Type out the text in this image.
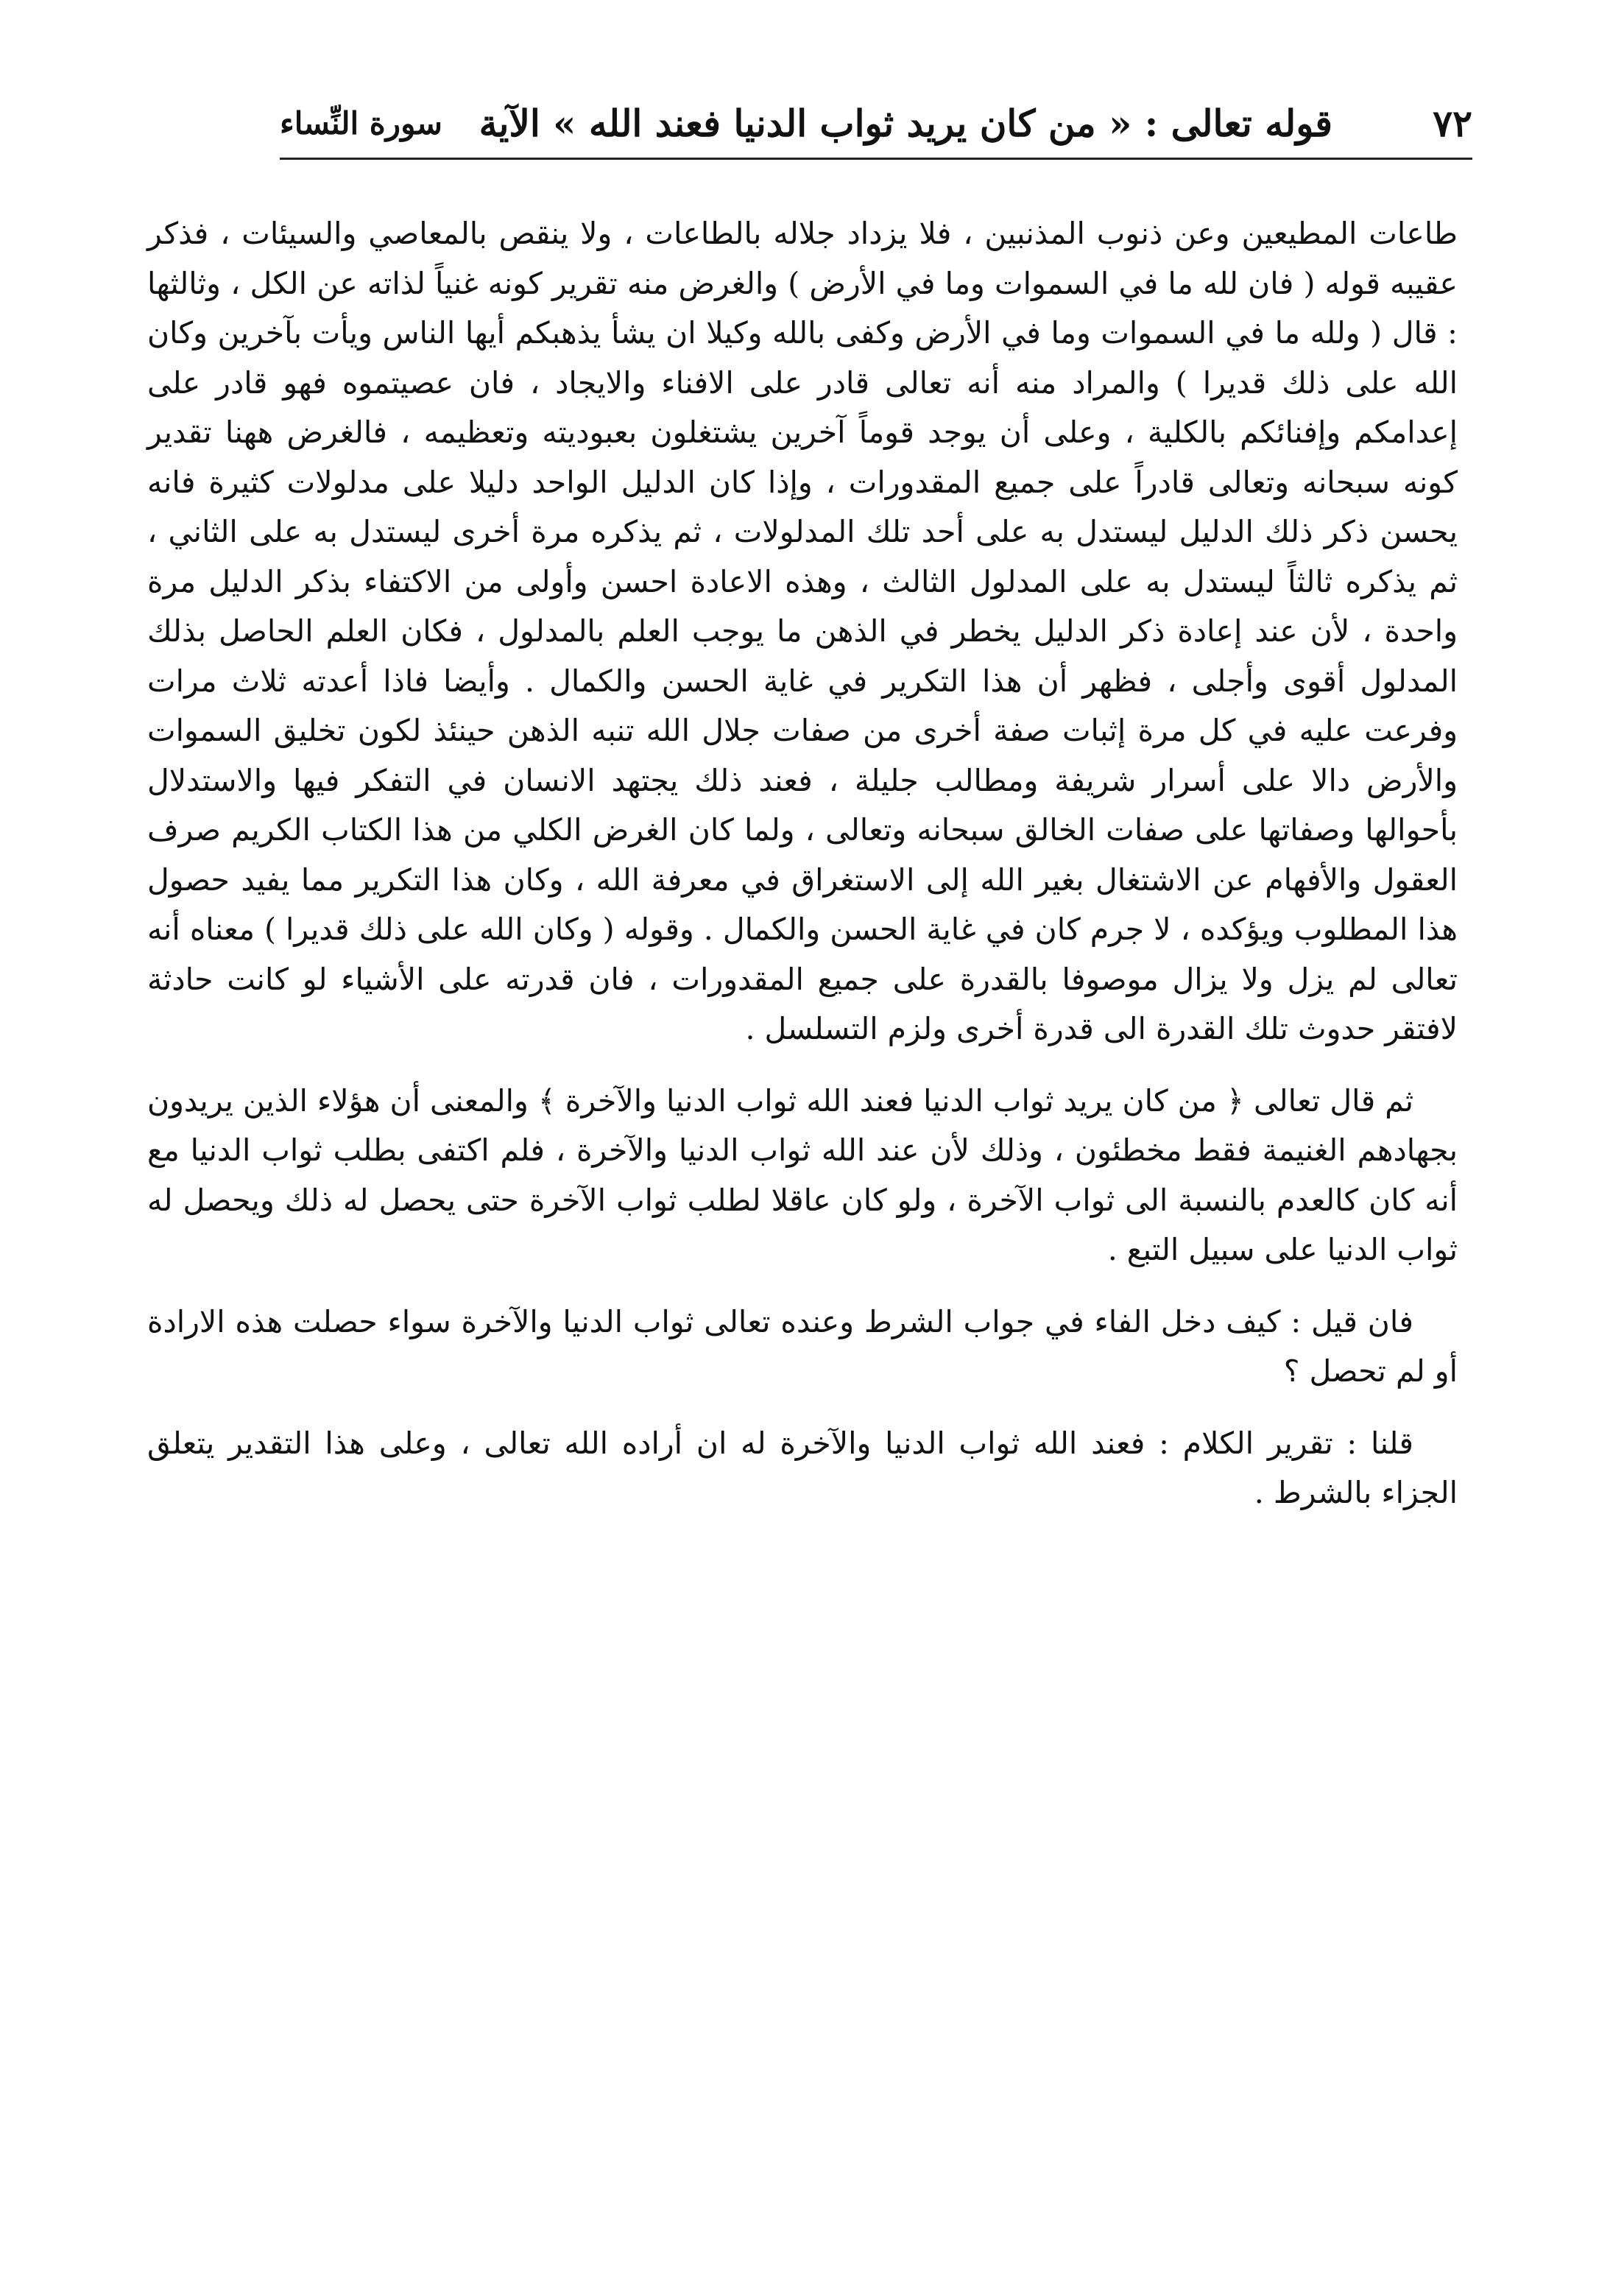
٧٢
قوله تعالى : « من كان يريد ثواب الدنيا فعند الله » الآية
سورة النِّساء

طاعات المطيعين وعن ذنوب المذنبين ، فلا يزداد جلاله بالطاعات ، ولا ينقص بالمعاصي والسيئات ، فذكر عقيبه قوله ( فان لله ما في السموات وما في الأرض ) والغرض منه تقرير كونه غنياً لذاته عن الكل ، وثالثها : قال ( ولله ما في السموات وما في الأرض وكفى بالله وكيلا ان يشأ يذهبكم أيها الناس ويأت بآخرين وكان الله على ذلك قديرا ) والمراد منه أنه تعالى قادر على الافناء والايجاد ، فان عصيتموه فهو قادر على إعدامكم وإفنائكم بالكلية ، وعلى أن يوجد قوماً آخرين يشتغلون بعبوديته وتعظيمه ، فالغرض ههنا تقدير كونه سبحانه وتعالى قادراً على جميع المقدورات ، وإذا كان الدليل الواحد دليلا على مدلولات كثيرة فانه يحسن ذكر ذلك الدليل ليستدل به على أحد تلك المدلولات ، ثم يذكره مرة أخرى ليستدل به على الثاني ، ثم يذكره ثالثاً ليستدل به على المدلول الثالث ، وهذه الاعادة احسن وأولى من الاكتفاء بذكر الدليل مرة واحدة ، لأن عند إعادة ذكر الدليل يخطر في الذهن ما يوجب العلم بالمدلول ، فكان العلم الحاصل بذلك المدلول أقوى وأجلى ، فظهر أن هذا التكرير في غاية الحسن والكمال . وأيضا فاذا أعدته ثلاث مرات وفرعت عليه في كل مرة إثبات صفة أخرى من صفات جلال الله تنبه الذهن حينئذ لكون تخليق السموات والأرض دالا على أسرار شريفة ومطالب جليلة ، فعند ذلك يجتهد الانسان في التفكر فيها والاستدلال بأحوالها وصفاتها على صفات الخالق سبحانه وتعالى ، ولما كان الغرض الكلي من هذا الكتاب الكريم صرف العقول والأفهام عن الاشتغال بغير الله إلى الاستغراق في معرفة الله ، وكان هذا التكرير مما يفيد حصول هذا المطلوب ويؤكده ، لا جرم كان في غاية الحسن والكمال . وقوله ( وكان الله على ذلك قديرا ) معناه أنه تعالى لم يزل ولا يزال موصوفا بالقدرة على جميع المقدورات ، فان قدرته على الأشياء لو كانت حادثة لافتقر حدوث تلك القدرة الى قدرة أخرى ولزم التسلسل .

ثم قال تعالى ﴿ من كان يريد ثواب الدنيا فعند الله ثواب الدنيا والآخرة ﴾ والمعنى أن هؤلاء الذين يريدون بجهادهم الغنيمة فقط مخطئون ، وذلك لأن عند الله ثواب الدنيا والآخرة ، فلم اكتفى بطلب ثواب الدنيا مع أنه كان كالعدم بالنسبة الى ثواب الآخرة ، ولو كان عاقلا لطلب ثواب الآخرة حتى يحصل له ذلك ويحصل له ثواب الدنيا على سبيل التبع .

فان قيل : كيف دخل الفاء في جواب الشرط وعنده تعالى ثواب الدنيا والآخرة سواء حصلت هذه الارادة أو لم تحصل ؟

قلنا : تقرير الكلام : فعند الله ثواب الدنيا والآخرة له ان أراده الله تعالى ، وعلى هذا التقدير يتعلق الجزاء بالشرط .
